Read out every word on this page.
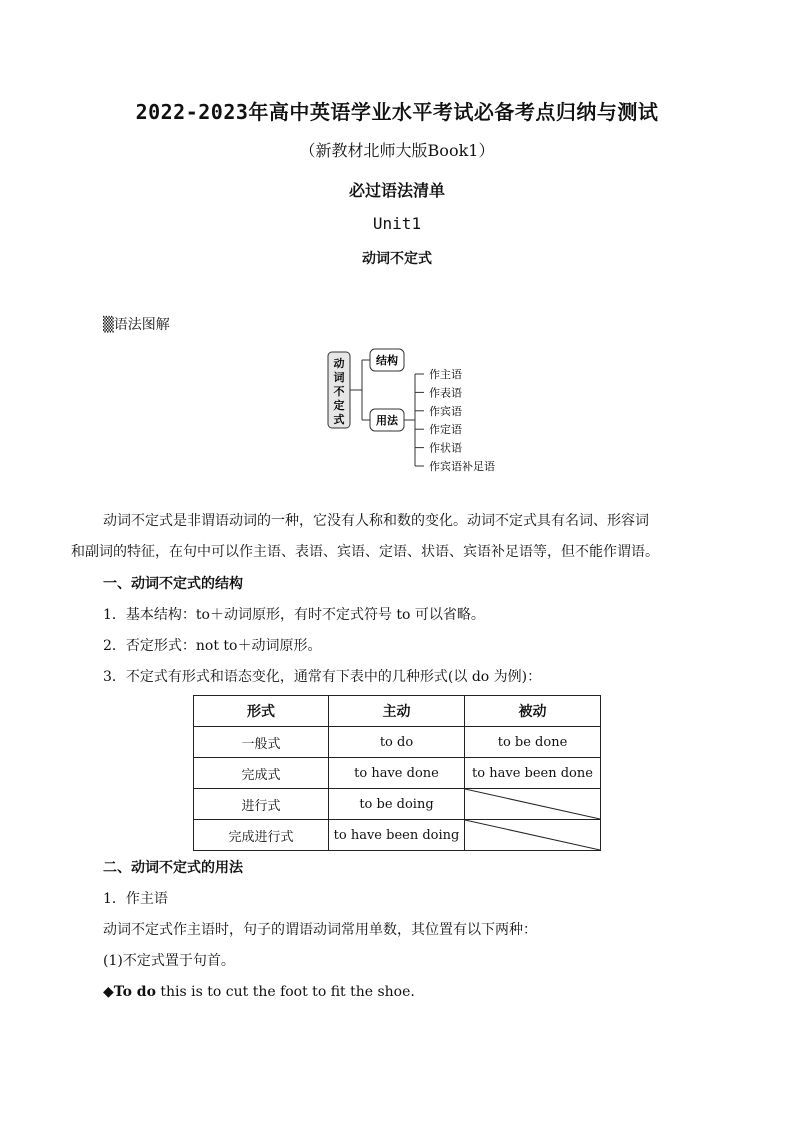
2022-2023年高中英语学业水平考试必备考点归纳与测试
（新教材北师大版Book1）
必过语法清单
Unit1
动词不定式
▒语法图解
动
词
不
定
式
结构
用法
作主语
作表语
作宾语
作定语
作状语
作宾语补足语

动词不定式是非谓语动词的一种，它没有人称和数的变化。动词不定式具有名词、形容词

和副词的特征，在句中可以作主语、表语、宾语、定语、状语、宾语补足语等，但不能作谓语。

一、动词不定式的结构
1．基本结构：to＋动词原形，有时不定式符号 to 可以省略。
2．否定形式：not to＋动词原形。
3．不定式有形式和语态变化，通常有下表中的几种形式(以 do 为例)：
形式	主动	被动
一般式	to do	to be done
完成式	to have done	to have been done
进行式	to be doing	

完成进行式	to have been doing	
二、动词不定式的用法
1．作主语
动词不定式作主语时，句子的谓语动词常用单数，其位置有以下两种：
(1)不定式置于句首。
◆To do this is to cut the foot to fit the shoe.
